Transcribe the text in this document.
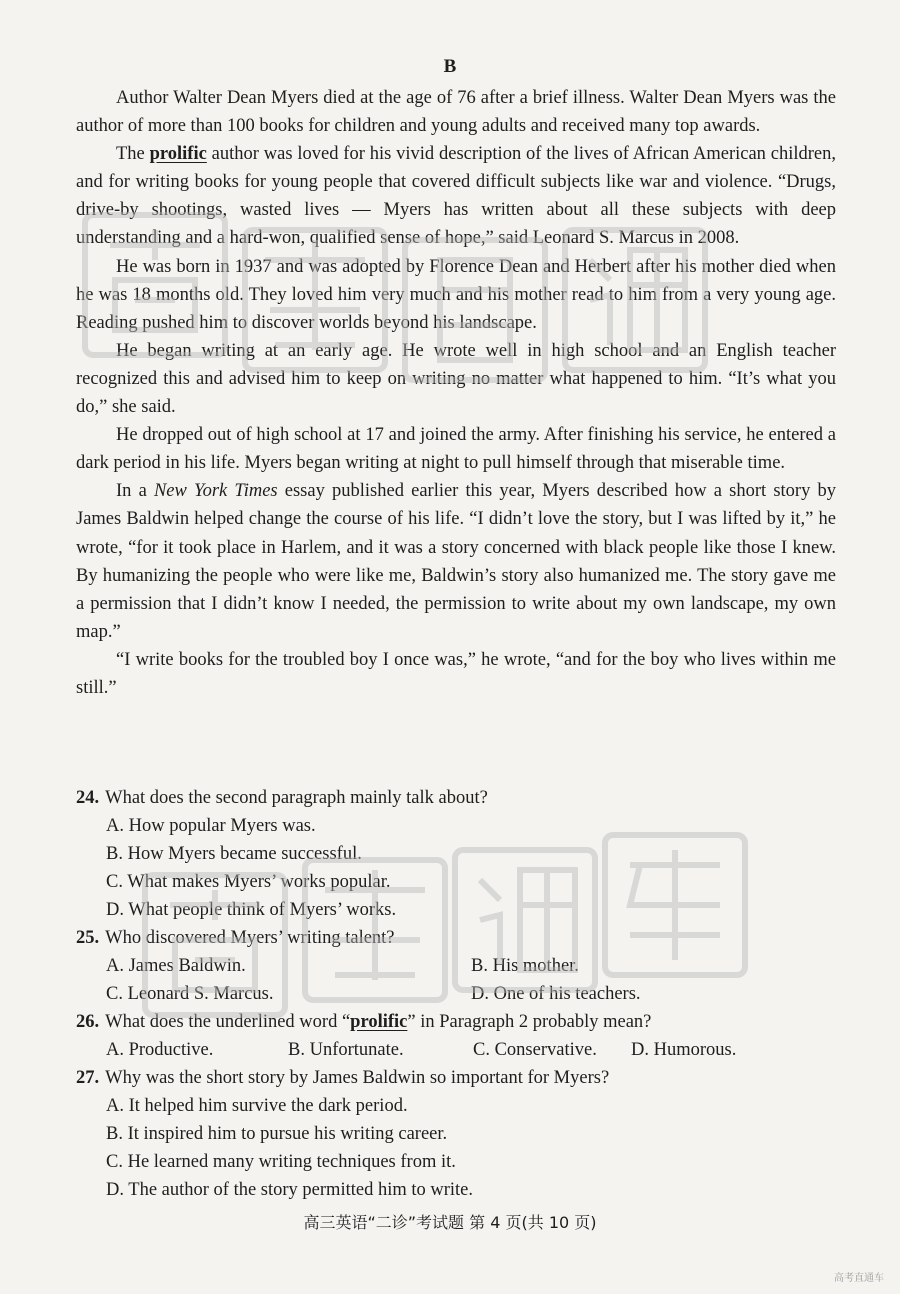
B

Author Walter Dean Myers died at the age of 76 after a brief illness. Walter Dean Myers was the author of more than 100 books for children and young adults and received many top awards.

The prolific author was loved for his vivid description of the lives of African American children, and for writing books for young people that covered difficult subjects like war and violence. “Drugs, drive-by shootings, wasted lives — Myers has written about all these subjects with deep understanding and a hard-won, qualified sense of hope,” said Leonard S. Marcus in 2008.

He was born in 1937 and was adopted by Florence Dean and Herbert after his mother died when he was 18 months old. They loved him very much and his mother read to him from a very young age. Reading pushed him to discover worlds beyond his landscape.

He began writing at an early age. He wrote well in high school and an English teacher recognized this and advised him to keep on writing no matter what happened to him. “It’s what you do,” she said.

He dropped out of high school at 17 and joined the army. After finishing his service, he entered a dark period in his life. Myers began writing at night to pull himself through that miserable time.

In a New York Times essay published earlier this year, Myers described how a short story by James Baldwin helped change the course of his life. “I didn’t love the story, but I was lifted by it,” he wrote, “for it took place in Harlem, and it was a story concerned with black people like those I knew. By humanizing the people who were like me, Baldwin’s story also humanized me. The story gave me a permission that I didn’t know I needed, the permission to write about my own landscape, my own map.”

“I write books for the troubled boy I once was,” he wrote, “and for the boy who lives within me still.”

24. What does the second paragraph mainly talk about?
A. How popular Myers was.
B. How Myers became successful.
C. What makes Myers’ works popular.
D. What people think of Myers’ works.
25. Who discovered Myers’ writing talent?
A. James Baldwin.	B. His mother.
C. Leonard S. Marcus.	D. One of his teachers.
26. What does the underlined word “prolific” in Paragraph 2 probably mean?
A. Productive.	B. Unfortunate.	C. Conservative.	D. Humorous.
27. Why was the short story by James Baldwin so important for Myers?
A. It helped him survive the dark period.
B. It inspired him to pursue his writing career.
C. He learned many writing techniques from it.
D. The author of the story permitted him to write.
高三英语“二诊”考试题 第 4 页(共 10 页)
高考直通车
